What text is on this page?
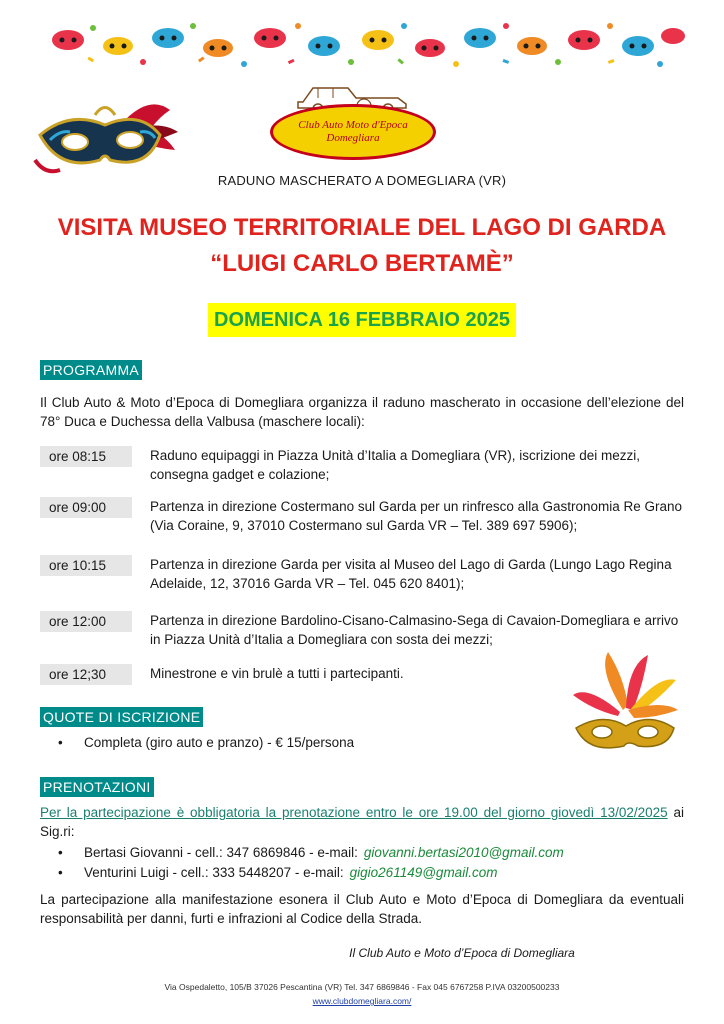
Club Auto Moto d'Epoca
Domegliara
RADUNO MASCHERATO A DOMEGLIARA (VR)
VISITA MUSEO TERRITORIALE DEL LAGO DI GARDA “LUIGI CARLO BERTAMÈ”
DOMENICA 16 FEBBRAIO 2025
PROGRAMMA
Il Club Auto & Moto d’Epoca di Domegliara organizza il raduno mascherato in occasione dell’elezione del 78° Duca e Duchessa della Valbusa (maschere locali):
ore 08:15	Raduno equipaggi in Piazza Unità d’Italia a Domegliara (VR), iscrizione dei mezzi, consegna gadget e colazione;
ore 09:00	Partenza in direzione Costermano sul Garda per un rinfresco alla Gastronomia Re Grano (Via Coraine, 9, 37010 Costermano sul Garda VR – Tel. 389 697 5906);
ore 10:15	Partenza in direzione Garda per visita al Museo del Lago di Garda (Lungo Lago Regina Adelaide, 12, 37016 Garda VR – Tel. 045 620 8401);
ore 12:00	Partenza in direzione Bardolino-Cisano-Calmasino-Sega di Cavaion-Domegliara e arrivo in Piazza Unità d’Italia a Domegliara con sosta dei mezzi;
ore 12;30	Minestrone e vin brulè a tutti i partecipanti.
QUOTE DI ISCRIZIONE
• Completa (giro auto e pranzo) - € 15/persona
PRENOTAZIONI
Per la partecipazione è obbligatoria la prenotazione entro le ore 19.00 del giorno giovedì 13/02/2025 ai Sig.ri:
• Bertasi Giovanni - cell.: 347 6869846 - e-mail: giovanni.bertasi2010@gmail.com
• Venturini Luigi - cell.: 333 5448207 - e-mail: gigio261149@gmail.com
La partecipazione alla manifestazione esonera il Club Auto e Moto d’Epoca di Domegliara da eventuali responsabilità per danni, furti e infrazioni al Codice della Strada.
Il Club Auto e Moto d’Epoca di Domegliara
Via Ospedaletto, 105/B 37026 Pescantina (VR) Tel. 347 6869846 - Fax 045 6767258 P.IVA 03200500233
www.clubdomegliara.com/
